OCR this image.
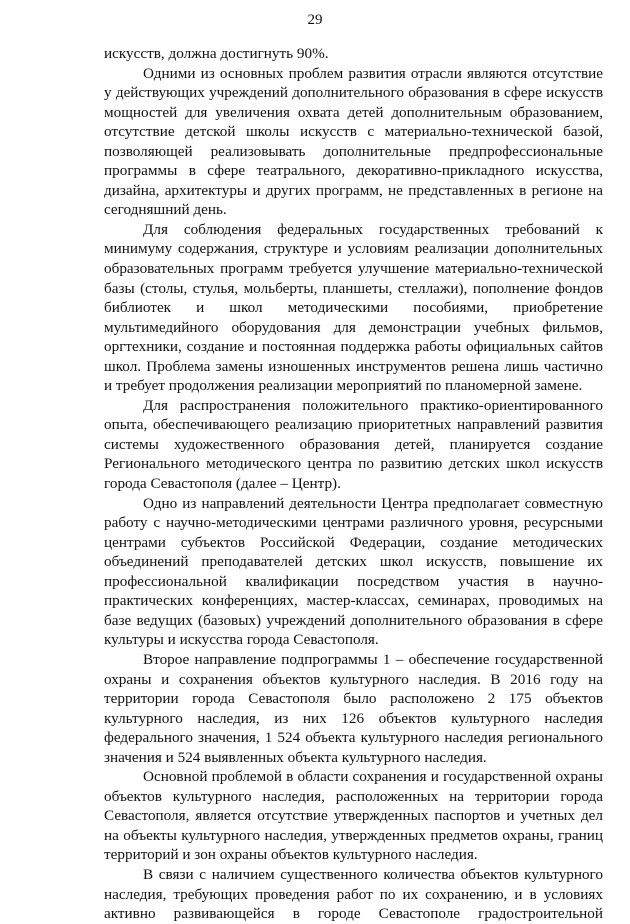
29

искусств, должна достигнуть 90%.

Одними из основных проблем развития отрасли являются отсутствие у действующих учреждений дополнительного образования в сфере искусств мощностей для увеличения охвата детей дополнительным образованием, отсутствие детской школы искусств с материально-технической базой, позволяющей реализовывать дополнительные предпрофессиональные программы в сфере театрального, декоративно-прикладного искусства, дизайна, архитектуры и других программ, не представленных в регионе на сегодняшний день.

Для соблюдения федеральных государственных требований к минимуму содержания, структуре и условиям реализации дополнительных образовательных программ требуется улучшение материально-технической базы (столы, стулья, мольберты, планшеты, стеллажи), пополнение фондов библиотек и школ методическими пособиями, приобретение мультимедийного оборудования для демонстрации учебных фильмов, оргтехники, создание и постоянная поддержка работы официальных сайтов школ. Проблема замены изношенных инструментов решена лишь частично и требует продолжения реализации мероприятий по планомерной замене.

Для распространения положительного практико-ориентированного опыта, обеспечивающего реализацию приоритетных направлений развития системы художественного образования детей, планируется создание Регионального методического центра по развитию детских школ искусств города Севастополя (далее – Центр).

Одно из направлений деятельности Центра предполагает совместную работу с научно-методическими центрами различного уровня, ресурсными центрами субъектов Российской Федерации, создание методических объединений преподавателей детских школ искусств, повышение их профессиональной квалификации посредством участия в научно-практических конференциях, мастер-классах, семинарах, проводимых на базе ведущих (базовых) учреждений дополнительного образования в сфере культуры и искусства города Севастополя.

Второе направление подпрограммы 1 – обеспечение государственной охраны и сохранения объектов культурного наследия. В 2016 году на территории города Севастополя было расположено 2 175 объектов культурного наследия, из них 126 объектов культурного наследия федерального значения, 1 524 объекта культурного наследия регионального значения и 524 выявленных объекта культурного наследия.

Основной проблемой в области сохранения и государственной охраны объектов культурного наследия, расположенных на территории города Севастополя, является отсутствие утвержденных паспортов и учетных дел на объекты культурного наследия, утвержденных предметов охраны, границ территорий и зон охраны объектов культурного наследия.

В связи с наличием существенного количества объектов культурного наследия, требующих проведения работ по их сохранению, и в условиях активно развивающейся в городе Севастополе градостроительной
